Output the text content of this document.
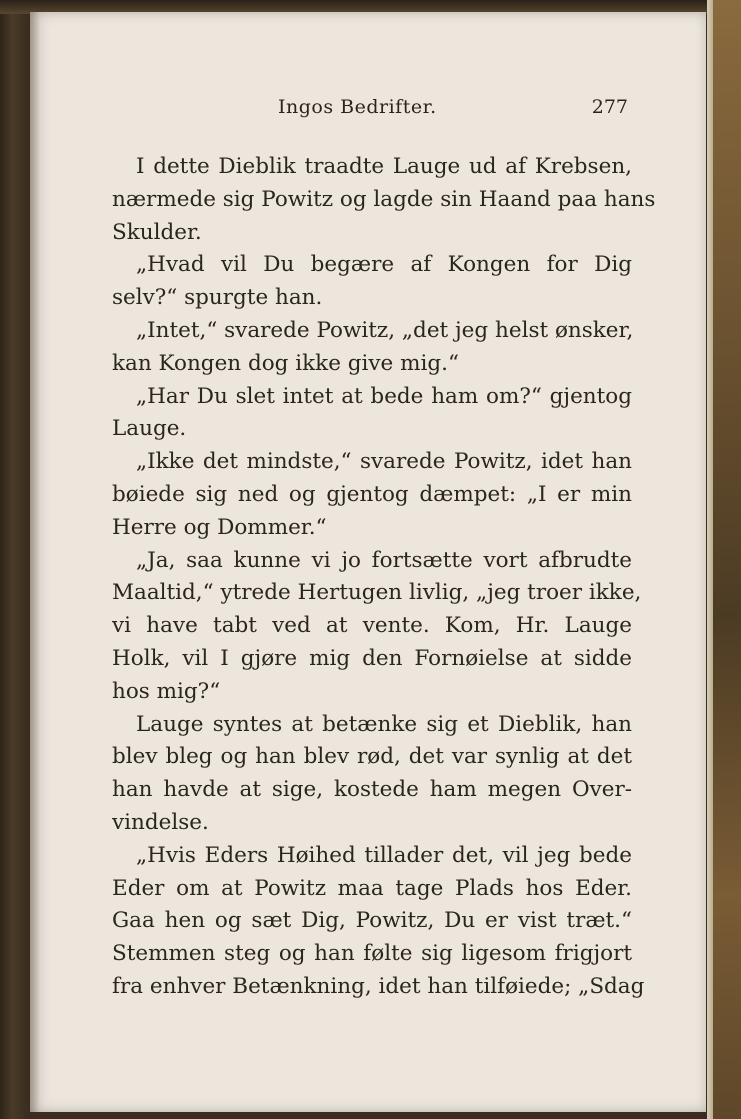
Ingos Bedrifter.	277
I dette Dieblik traadte Lauge ud af Krebsen,
nærmede sig Powitz og lagde sin Haand paa hans
Skulder.
„Hvad vil Du begære af Kongen for Dig
selv?“ spurgte han.
„Intet,“ svarede Powitz, „det jeg helst ønsker,
kan Kongen dog ikke give mig.“
„Har Du slet intet at bede ham om?“ gjentog
Lauge.
„Ikke det mindste,“ svarede Powitz, idet han
bøiede sig ned og gjentog dæmpet: „I er min
Herre og Dommer.“
„Ja, saa kunne vi jo fortsætte vort afbrudte
Maaltid,“ ytrede Hertugen livlig, „jeg troer ikke,
vi have tabt ved at vente. Kom, Hr. Lauge
Holk, vil I gjøre mig den Fornøielse at sidde
hos mig?“
Lauge syntes at betænke sig et Dieblik, han
blev bleg og han blev rød, det var synlig at det
han havde at sige, kostede ham megen Over-
vindelse.
„Hvis Eders Høihed tillader det, vil jeg bede
Eder om at Powitz maa tage Plads hos Eder.
Gaa hen og sæt Dig, Powitz, Du er vist træt.“
Stemmen steg og han følte sig ligesom frigjort
fra enhver Betænkning, idet han tilføiede; „Sdag
